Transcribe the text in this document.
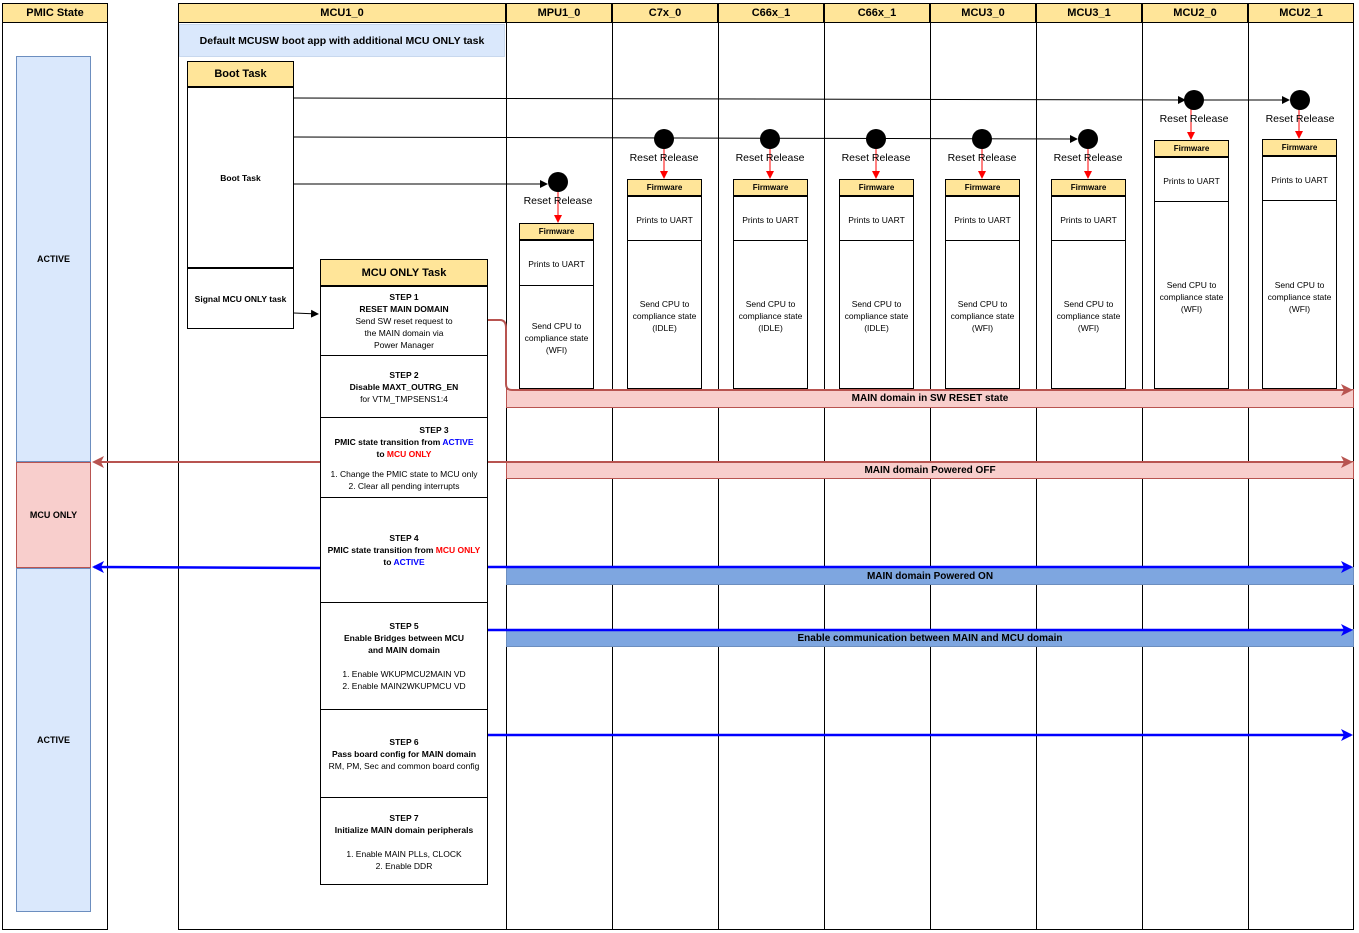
PMIC State
ACTIVE
MCU ONLY
ACTIVE
MCU1_0	MPU1_0	C7x_0	C66x_1	C66x_1	MCU3_0	MCU3_1	MCU2_0	MCU2_1
Default MCUSW boot app with additional MCU ONLY task
Boot Task
Boot Task
Signal MCU ONLY task
MAIN domain in SW RESET state
MAIN domain Powered OFF
MAIN domain Powered ON
Enable communication between MAIN and MCU domain
Firmware
Prints to UART
Send CPU to
compliance state
(WFI)
Firmware
Prints to UART
Send CPU to
compliance state
(IDLE)
Firmware
Prints to UART
Send CPU to
compliance state
(IDLE)
Firmware
Prints to UART
Send CPU to
compliance state
(IDLE)
Firmware
Prints to UART
Send CPU to
compliance state
(WFI)
Firmware
Prints to UART
Send CPU to
compliance state
(WFI)
Firmware
Prints to UART
Send CPU to
compliance state
(WFI)
Firmware
Prints to UART
Send CPU to
compliance state
(WFI)
Reset Release
Reset Release	Reset Release	Reset Release	Reset Release	Reset Release
Reset Release	Reset Release
MCU ONLY Task
STEP 1
RESET MAIN DOMAIN
Send SW reset request to
the MAIN domain via
Power Manager
STEP 2
Disable MAXT_OUTRG_EN
for VTM_TMPSENS1:4
STEP 3
PMIC state transition from ACTIVE
to MCU ONLY
1. Change the PMIC state to MCU only
2. Clear all pending interrupts
STEP 4
PMIC state transition from MCU ONLY
to ACTIVE
STEP 5
Enable Bridges between MCU
and MAIN domain
1. Enable WKUPMCU2MAIN VD
2. Enable MAIN2WKUPMCU VD
STEP 6
Pass board config for MAIN domain
RM, PM, Sec and common board config
STEP 7
Initialize MAIN domain peripherals
1. Enable MAIN PLLs, CLOCK
2. Enable DDR
